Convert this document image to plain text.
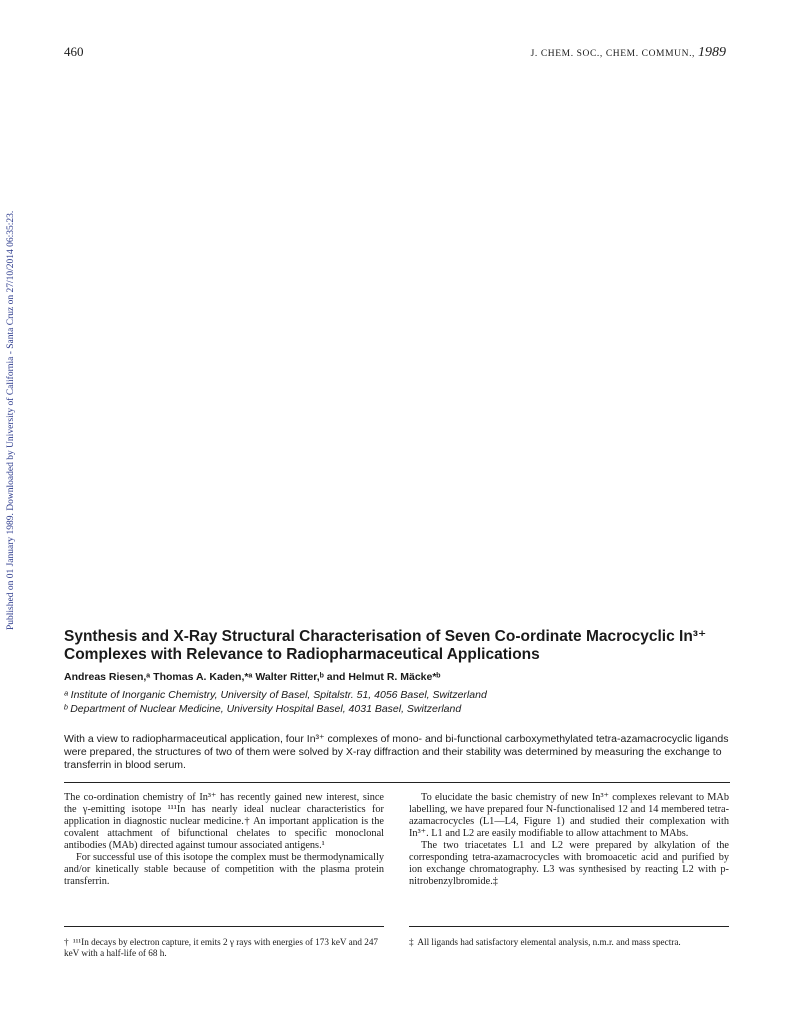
460	J. CHEM. SOC., CHEM. COMMUN., 1989
Published on 01 January 1989. Downloaded by University of California - Santa Cruz on 27/10/2014 06:35:23.
Synthesis and X-Ray Structural Characterisation of Seven Co-ordinate Macrocyclic In³⁺ Complexes with Relevance to Radiopharmaceutical Applications
Andreas Riesen,ᵃ Thomas A. Kaden,*ᵃ Walter Ritter,ᵇ and Helmut R. Mäcke*ᵇ
ᵃ Institute of Inorganic Chemistry, University of Basel, Spitalstr. 51, 4056 Basel, Switzerland
ᵇ Department of Nuclear Medicine, University Hospital Basel, 4031 Basel, Switzerland

With a view to radiopharmaceutical application, four In³⁺ complexes of mono- and bi-functional carboxymethylated tetra-azamacrocyclic ligands were prepared, the structures of two of them were solved by X-ray diffraction and their stability was determined by measuring the exchange to transferrin in blood serum.

The co-ordination chemistry of In³⁺ has recently gained new interest, since the γ-emitting isotope ¹¹¹In has nearly ideal nuclear characteristics for application in diagnostic nuclear medicine.† An important application is the covalent attachment of bifunctional chelates to specific monoclonal antibodies (MAb) directed against tumour associated antigens.¹

For successful use of this isotope the complex must be thermodynamically and/or kinetically stable because of competition with the plasma protein transferrin.

To elucidate the basic chemistry of new In³⁺ complexes relevant to MAb labelling, we have prepared four N-functionalised 12 and 14 membered tetra-azamacrocycles (L1—L4, Figure 1) and studied their complexation with In³⁺. L1 and L2 are easily modifiable to allow attachment to MAbs.

The two triacetates L1 and L2 were prepared by alkylation of the corresponding tetra-azamacrocycles with bromoacetic acid and purified by ion exchange chromatography. L3 was synthesised by reacting L2 with p-nitrobenzylbromide.‡

† ¹¹¹In decays by electron capture, it emits 2 γ rays with energies of 173 keV and 247 keV with a half-life of 68 h.
‡ All ligands had satisfactory elemental analysis, n.m.r. and mass spectra.
